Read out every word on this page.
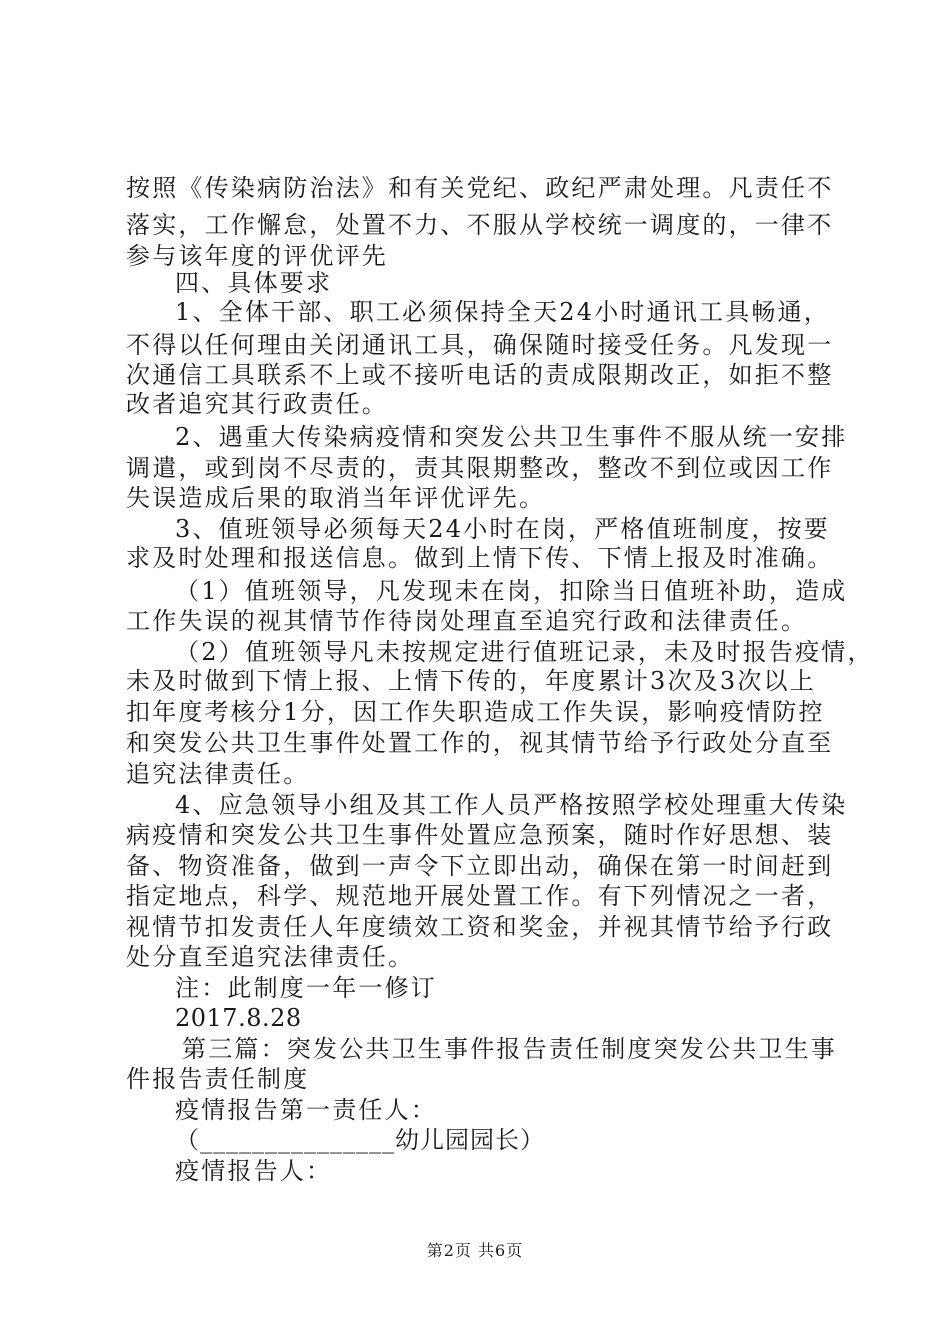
按照《传染病防治法》和有关党纪、政纪严肃处理。凡责任不
落实，工作懈怠，处置不力、不服从学校统一调度的，一律不
参与该年度的评优评先
四、具体要求
1、全体干部、职工必须保持全天24小时通讯工具畅通，
不得以任何理由关闭通讯工具，确保随时接受任务。凡发现一
次通信工具联系不上或不接听电话的责成限期改正，如拒不整
改者追究其行政责任。
2、遇重大传染病疫情和突发公共卫生事件不服从统一安排
调遣，或到岗不尽责的，责其限期整改，整改不到位或因工作
失误造成后果的取消当年评优评先。
3、值班领导必须每天24小时在岗，严格值班制度，按要
求及时处理和报送信息。做到上情下传、下情上报及时准确。
（1）值班领导，凡发现未在岗，扣除当日值班补助，造成
工作失误的视其情节作待岗处理直至追究行政和法律责任。
（2）值班领导凡未按规定进行值班记录，未及时报告疫情，
未及时做到下情上报、上情下传的，年度累计3次及3次以上
扣年度考核分1分，因工作失职造成工作失误，影响疫情防控
和突发公共卫生事件处置工作的，视其情节给予行政处分直至
追究法律责任。
4、应急领导小组及其工作人员严格按照学校处理重大传染
病疫情和突发公共卫生事件处置应急预案，随时作好思想、装
备、物资准备，做到一声令下立即出动，确保在第一时间赶到
指定地点，科学、规范地开展处置工作。有下列情况之一者，
视情节扣发责任人年度绩效工资和奖金，并视其情节给予行政
处分直至追究法律责任。
注：此制度一年一修订
2017.8.28
第三篇：突发公共卫生事件报告责任制度突发公共卫生事
件报告责任制度
疫情报告第一责任人：
（_______________幼儿园园长）
疫情报告人：
第2页 共6页
